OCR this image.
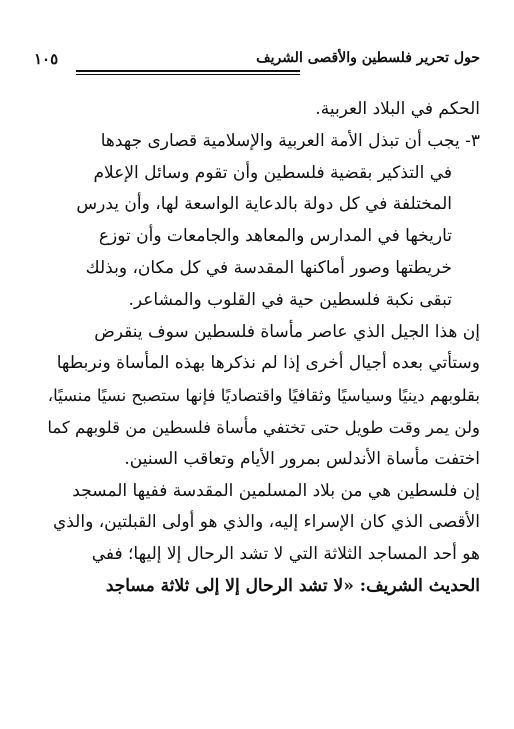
حول تحرير فلسطين والأقصى الشريف
١٠٥
الحكم في البلاد العربية.
٣- يجب أن تبذل الأمة العربية والإسلامية قصارى جهدها
في التذكير بقضية فلسطين وأن تقوم وسائل الإعلام
المختلفة في كل دولة بالدعاية الواسعة لها، وأن يدرس
تاريخها في المدارس والمعاهد والجامعات وأن توزع
خريطتها وصور أماكنها المقدسة في كل مكان، وبذلك
تبقى نكبة فلسطين حية في القلوب والمشاعر.
إن هذا الجيل الذي عاصر مأساة فلسطين سوف ينقرض
وستأتي بعده أجيال أخرى إذا لم نذكرها بهذه المأساة ونربطها
بقلوبهم دينيًا وسياسيًا وثقافيًا واقتصاديًا فإنها ستصبح نسيًا منسيًا،
ولن يمر وقت طويل حتى تختفي مأساة فلسطين من قلوبهم كما
اختفت مأساة الأندلس بمرور الأيام وتعاقب السنين.
إن فلسطين هي من بلاد المسلمين المقدسة ففيها المسجد
الأقصى الذي كان الإسراء إليه، والذي هو أولى القبلتين، والذي
هو أحد المساجد الثلاثة التي لا تشد الرحال إلا إليها؛ ففي
الحديث الشريف: «لا تشد الرحال إلا إلى ثلاثة مساجد
